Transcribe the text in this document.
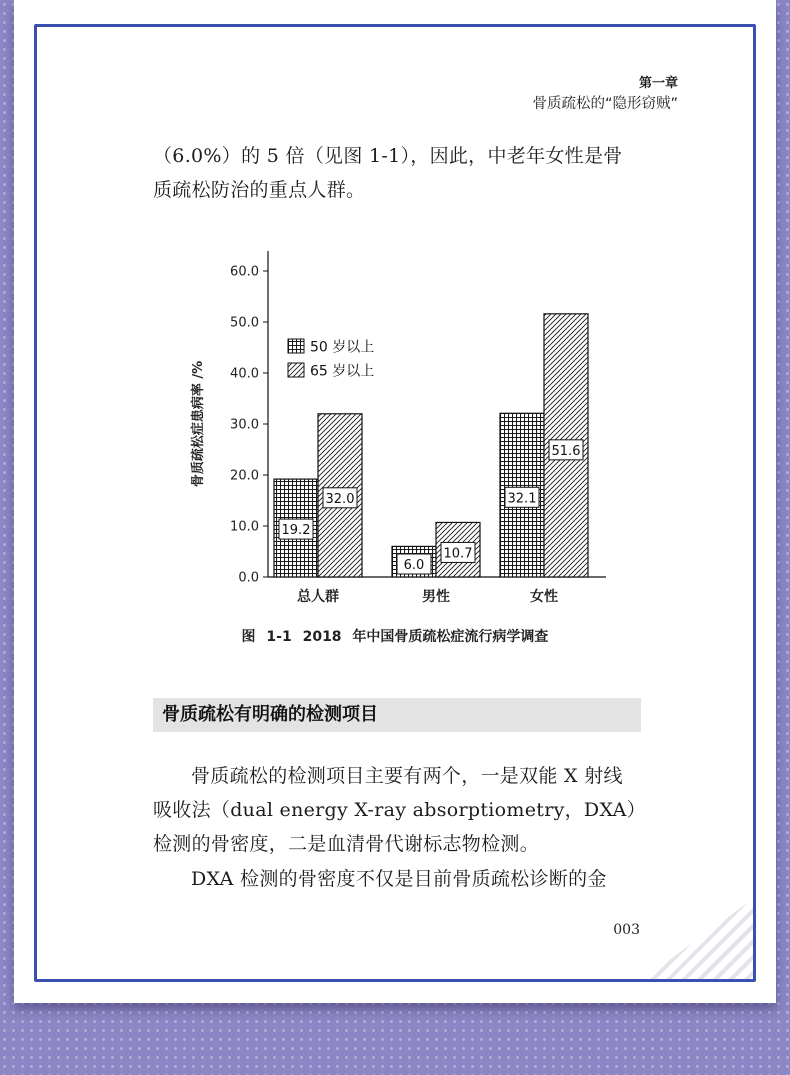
第一章
骨质疏松的“隐形窃贼”

（6.0%）的 5 倍（见图 1-1），因此，中老年女性是骨质疏松防治的重点人群。

0.0
10.0
20.0
30.0
40.0
50.0
60.0
骨质疏松症患病率 /%
总人群	男性	女性
19.2
32.0
6.0
10.7
32.1
51.6
50 岁以上
65 岁以上
图 1-1 2018 年中国骨质疏松症流行病学调查
骨质疏松有明确的检测项目

骨质疏松的检测项目主要有两个，一是双能 X 射线吸收法（dual energy X-ray absorptiometry，DXA）检测的骨密度，二是血清骨代谢标志物检测。

DXA 检测的骨密度不仅是目前骨质疏松诊断的金

003
